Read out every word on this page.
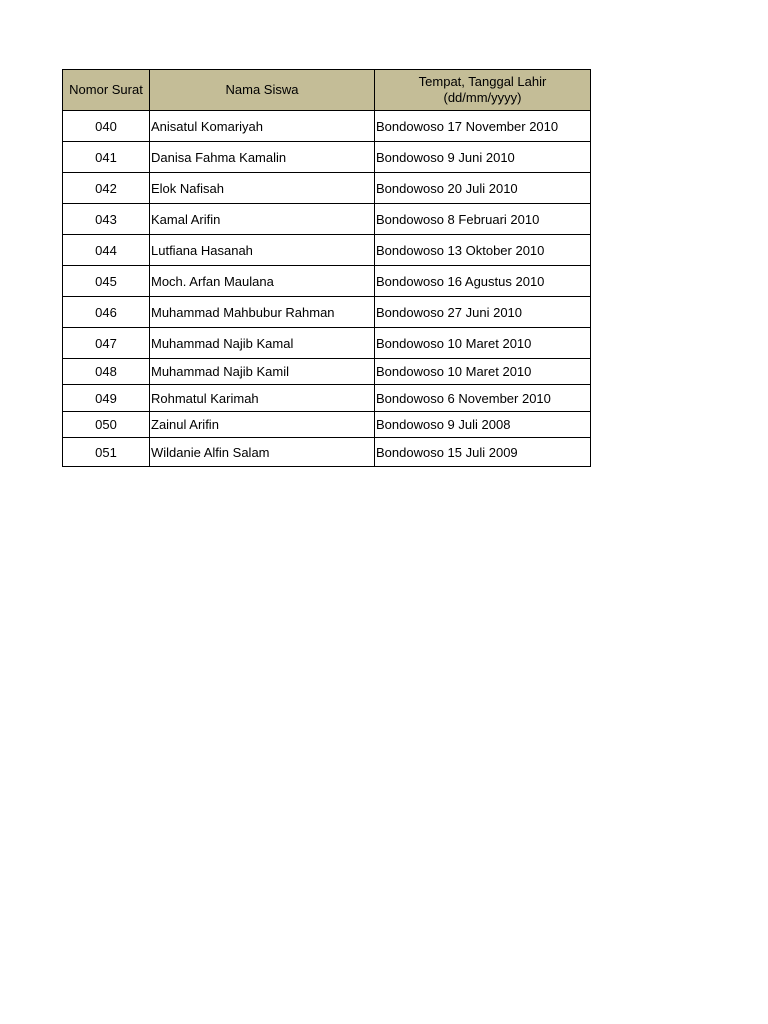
Nomor Surat	Nama Siswa	Tempat, Tanggal Lahir
(dd/mm/yyyy)
040	Anisatul Komariyah	Bondowoso 17 November 2010
041	Danisa Fahma Kamalin	Bondowoso 9 Juni 2010
042	Elok Nafisah	Bondowoso 20 Juli 2010
043	Kamal Arifin	Bondowoso 8 Februari 2010
044	Lutfiana Hasanah	Bondowoso 13 Oktober 2010
045	Moch. Arfan Maulana	Bondowoso 16 Agustus 2010
046	Muhammad Mahbubur Rahman	Bondowoso 27 Juni 2010
047	Muhammad Najib Kamal	Bondowoso 10 Maret 2010
048	Muhammad Najib Kamil	Bondowoso 10 Maret 2010
049	Rohmatul Karimah	Bondowoso 6 November 2010
050	Zainul Arifin	Bondowoso 9 Juli 2008
051	Wildanie Alfin Salam	Bondowoso 15 Juli 2009
